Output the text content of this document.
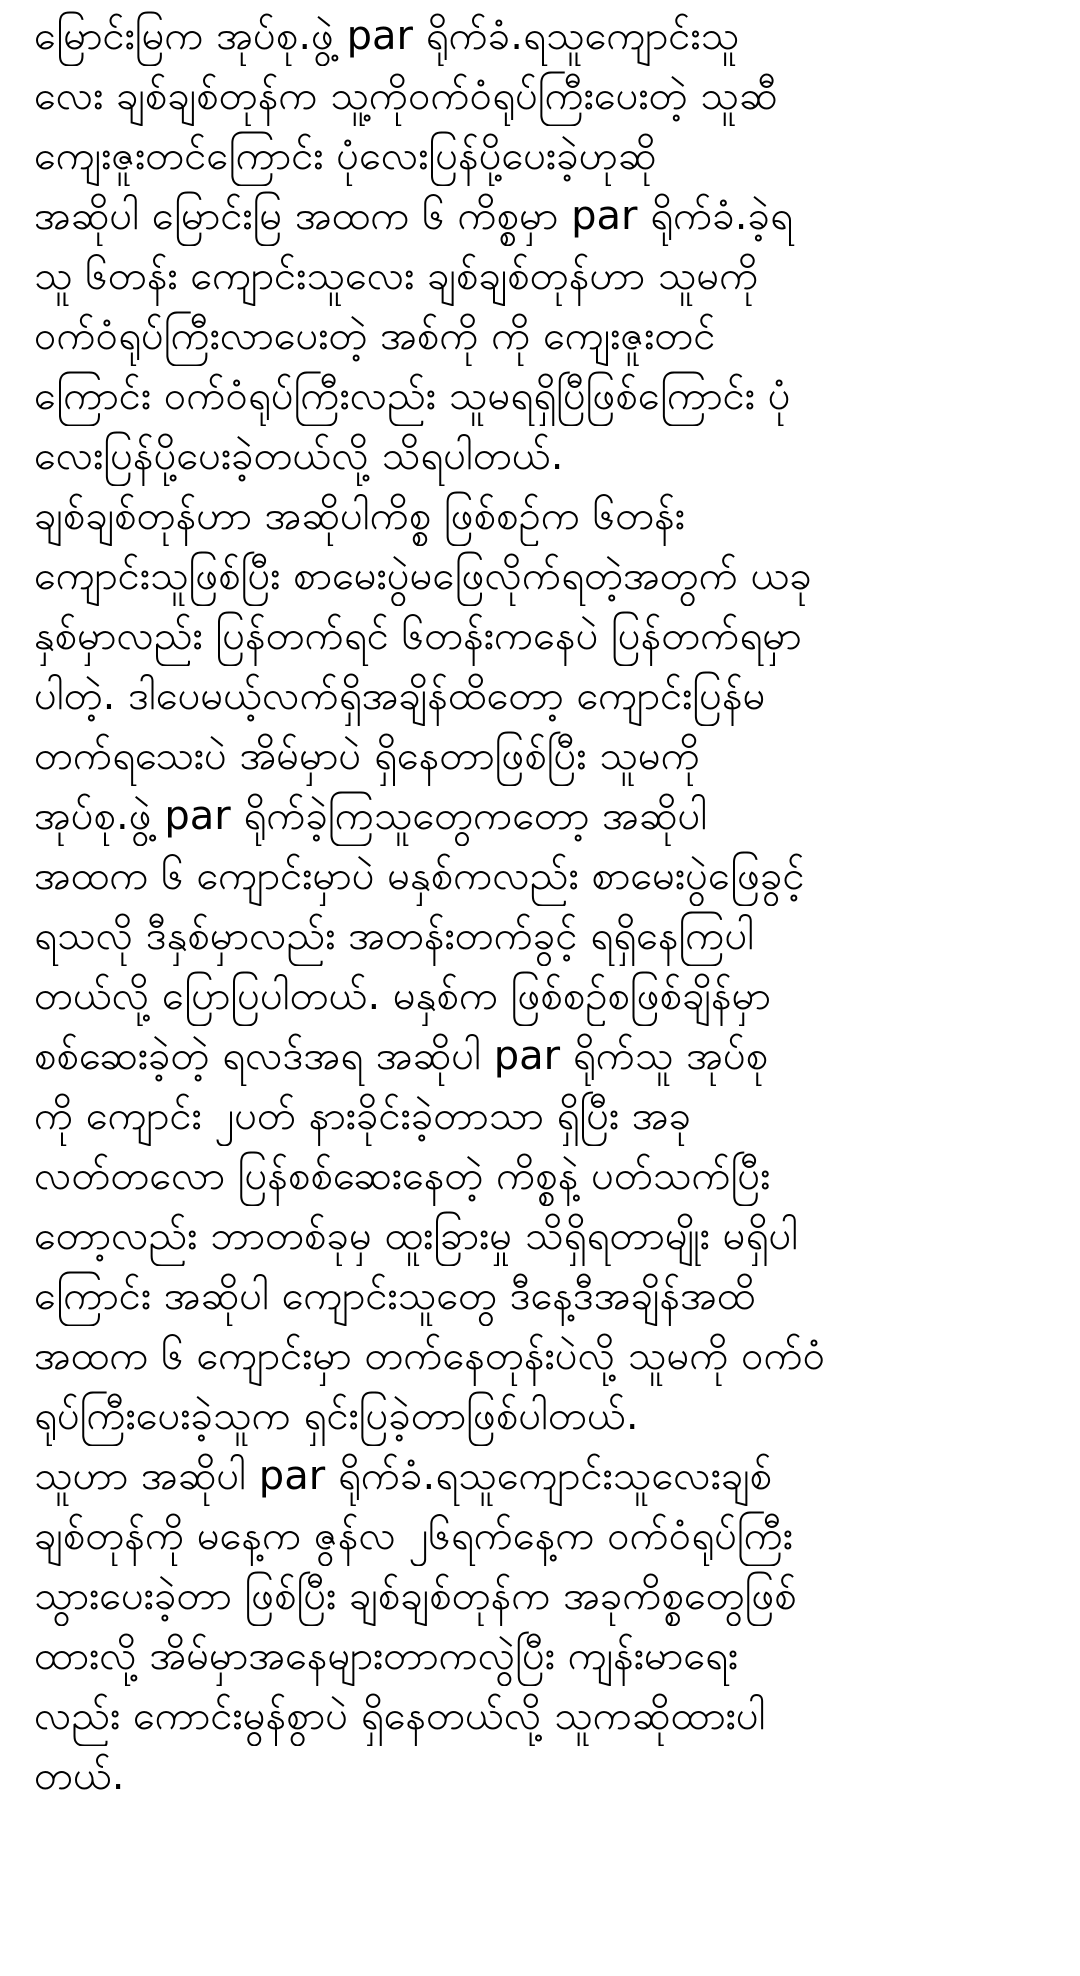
မြောင်းမြက အုပ်စု.ဖွဲ့ par ရိုက်ခံ.ရသူကျောင်းသူ
လေး ချစ်ချစ်တုန်က သူ့ကိုဝက်ဝံရုပ်ကြီးပေးတဲ့ သူဆီ
ကျေးဇူးတင်ကြောင်း ပုံလေးပြန်ပို့ပေးခဲ့ဟုဆို
အဆိုပါ မြောင်းမြ အထက ၆ ကိစ္စမှာ par ရိုက်ခံ.ခဲ့ရ
သူ ၆တန်း ကျောင်းသူလေး ချစ်ချစ်တုန်ဟာ သူမကို
ဝက်ဝံရုပ်ကြီးလာပေးတဲ့ အစ်ကို ကို ကျေးဇူးတင်
ကြောင်း ဝက်ဝံရုပ်ကြီးလည်း သူမရရှိပြီဖြစ်ကြောင်း ပုံ
လေးပြန်ပို့ပေးခဲ့တယ်လို့ သိရပါတယ်.
ချစ်ချစ်တုန်ဟာ အဆိုပါကိစ္စ ဖြစ်စဥ်က ၆တန်း
ကျောင်းသူဖြစ်ပြီး စာမေးပွဲမဖြေလိုက်ရတဲ့အတွက် ယခု
နှစ်မှာလည်း ပြန်တက်ရင် ၆တန်းကနေပဲ ပြန်တက်ရမှာ
ပါတဲ့. ဒါပေမယ့်လက်ရှိအချိန်ထိတော့ ကျောင်းပြန်မ
တက်ရသေးပဲ အိမ်မှာပဲ ရှိနေတာဖြစ်ပြီး သူမကို
အုပ်စု.ဖွဲ့ par ရိုက်ခဲ့ကြသူတွေကတော့ အဆိုပါ
အထက ၆ ကျောင်းမှာပဲ မနှစ်ကလည်း စာမေးပွဲဖြေခွင့်
ရသလို ဒီနှစ်မှာလည်း အတန်းတက်ခွင့် ရရှိနေကြပါ
တယ်လို့ ပြောပြပါတယ်. မနှစ်က ဖြစ်စဥ်စဖြစ်ချိန်မှာ
စစ်ဆေးခဲ့တဲ့ ရလဒ်အရ အဆိုပါ par ရိုက်သူ အုပ်စု
ကို ကျောင်း ၂ပတ် နားခိုင်းခဲ့တာသာ ရှိပြီး အခု
လတ်တလော ပြန်စစ်ဆေးနေတဲ့ ကိစ္စနဲ့ ပတ်သက်ပြီး
တော့လည်း ဘာတစ်ခုမှ ထူးခြားမှု သိရှိရတာမျိုး မရှိပါ
ကြောင်း အဆိုပါ ကျောင်းသူတွေ ဒီနေ့ဒီအချိန်အထိ
အထက ၆ ကျောင်းမှာ တက်နေတုန်းပဲလို့ သူမကို ဝက်ဝံ
ရုပ်ကြီးပေးခဲ့သူက ရှင်းပြခဲ့တာဖြစ်ပါတယ်.
သူဟာ အဆိုပါ par ရိုက်ခံ.ရသူကျောင်းသူလေးချစ်
ချစ်တုန်ကို မနေ့က ဇွန်လ ၂၆ရက်နေ့က ဝက်ဝံရုပ်ကြီး
သွားပေးခဲ့တာ ဖြစ်ပြီး ချစ်ချစ်တုန်က အခုကိစ္စတွေဖြစ်
ထားလို့ အိမ်မှာအနေများတာကလွဲပြီး ကျန်းမာရေး
လည်း ကောင်းမွန်စွာပဲ ရှိနေတယ်လို့ သူကဆိုထားပါ
တယ်.
